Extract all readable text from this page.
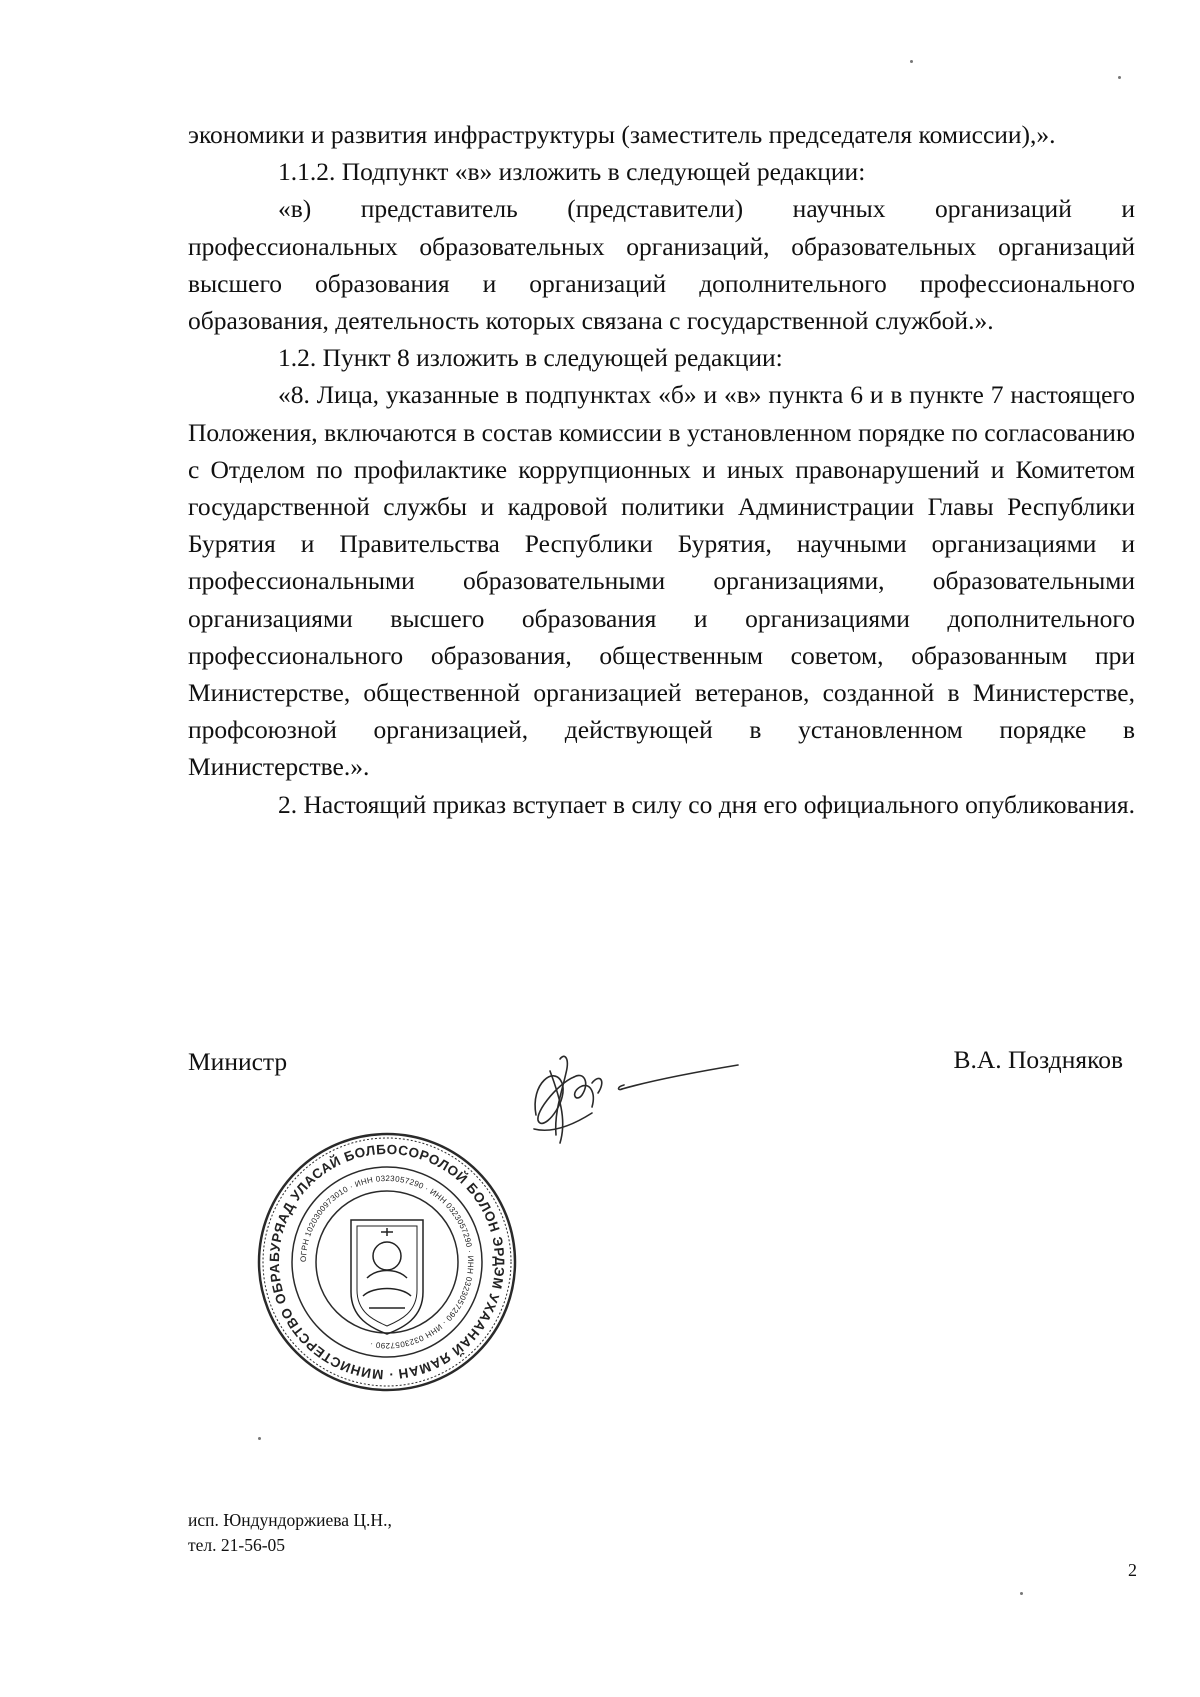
экономики и развития инфраструктуры (заместитель председателя комиссии),».

1.1.2. Подпункт «в» изложить в следующей редакции:

«в) представитель (представители) научных организаций и профессиональных образовательных организаций, образовательных организаций высшего образования и организаций дополнительного профессионального образования, деятельность которых связана с государственной службой.».

1.2. Пункт 8 изложить в следующей редакции:

«8. Лица, указанные в подпунктах «б» и «в» пункта 6 и в пункте 7 настоящего Положения, включаются в состав комиссии в установленном порядке по согласованию с Отделом по профилактике коррупционных и иных правонарушений и Комитетом государственной службы и кадровой политики Администрации Главы Республики Бурятия и Правительства Республики Бурятия, научными организациями и профессиональными образовательными организациями, образовательными организациями высшего образования и организациями дополнительного профессионального образования, общественным советом, образованным при Министерстве, общественной организацией ветеранов, созданной в Министерстве, профсоюзной организацией, действующей в установленном порядке в Министерстве.».

2. Настоящий приказ вступает в силу со дня его официального опубликования.

Министр	В.А. Поздняков
БУРЯАД УЛАСАЙ БОЛБОСОРОЛОЙ БОЛОН ЭРДЭМ УХААНАЙ ЯАМАН · МИНИСТЕРСТВО ОБРА
ОГРН 1020300973010 · ИНН 0323057290 · ИНН 0323057290 · ИНН 0323057290 · ИНН 0323057290 ·
исп. Юндундоржиева Ц.Н.,
тел. 21-56-05
2
